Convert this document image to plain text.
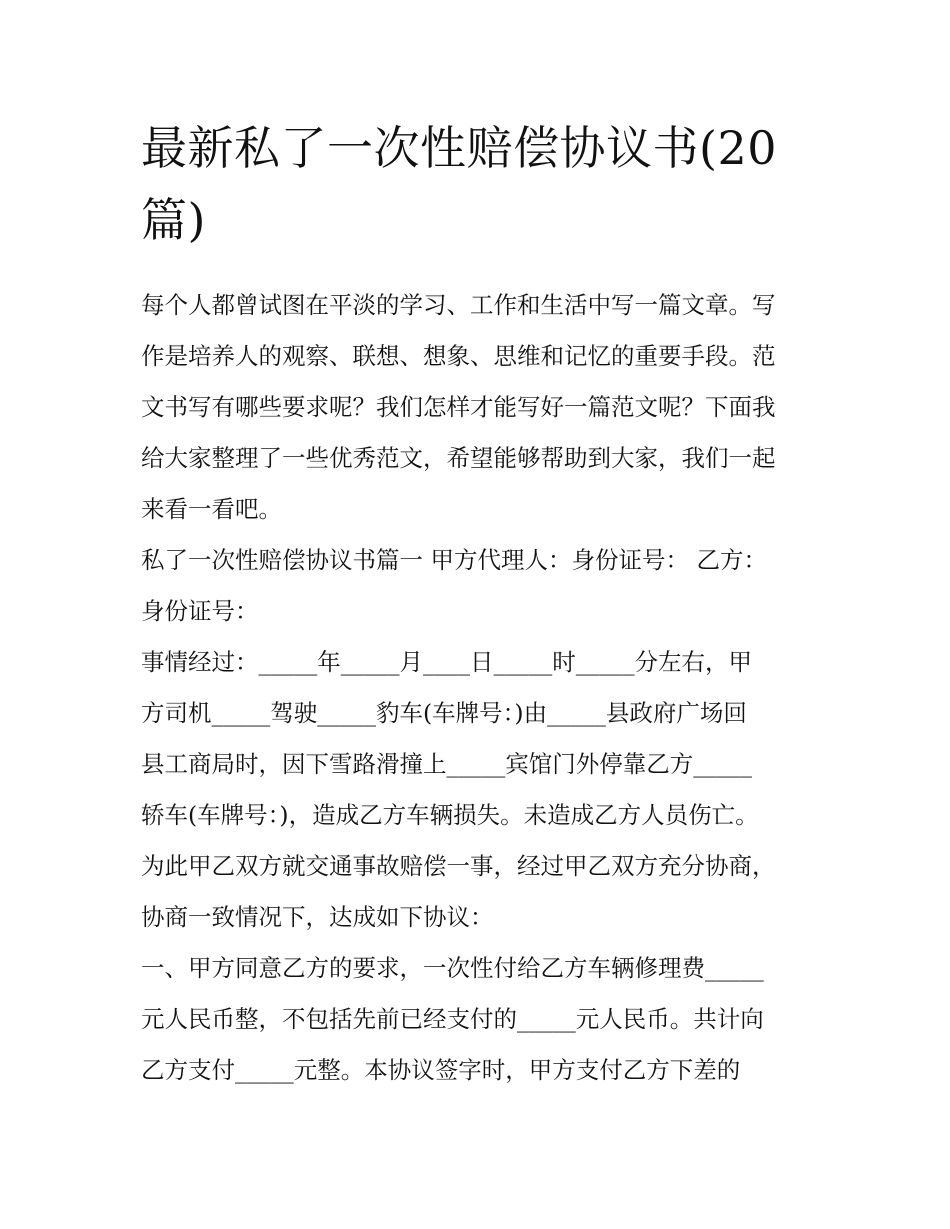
最新私了一次性赔偿协议书(20
篇)

每个人都曾试图在平淡的学习、工作和生活中写一篇文章。写
作是培养人的观察、联想、想象、思维和记忆的重要手段。范
文书写有哪些要求呢？我们怎样才能写好一篇范文呢？下面我
给大家整理了一些优秀范文，希望能够帮助到大家，我们一起
来看一看吧。

私了一次性赔偿协议书篇一 甲方代理人：身份证号： 乙方：
身份证号：

事情经过：_____年_____月____日_____时_____分左右，甲
方司机_____驾驶_____豹车(车牌号：)由_____县政府广场回
县工商局时，因下雪路滑撞上_____宾馆门外停靠乙方_____
轿车(车牌号：)，造成乙方车辆损失。未造成乙方人员伤亡。
为此甲乙双方就交通事故赔偿一事，经过甲乙双方充分协商，
协商一致情况下，达成如下协议：

一、甲方同意乙方的要求，一次性付给乙方车辆修理费_____
元人民币整，不包括先前已经支付的_____元人民币。共计向
乙方支付_____元整。本协议签字时，甲方支付乙方下差的
